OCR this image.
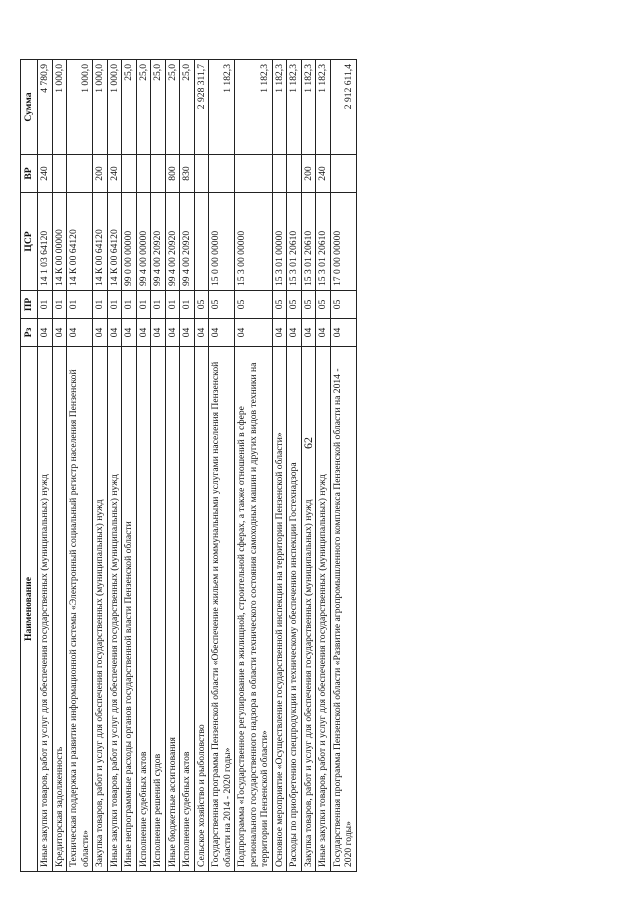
62
Наименование	Рз	ПР	ЦСР	ВР	Сумма
Иные закупки товаров, работ и услуг для обеспечения государственных (муниципальных) нужд	04	01	14 1 03 64120	240	4 780,9
Кредиторская задолженность	04	01	14 К 00 00000		1 000,0
Техническая поддержка и развитие информационной системы «Электронный социальный регистр населения Пензенской области»	04	01	14 К 00 64120		1 000,0
Закупка товаров, работ и услуг для обеспечения государственных (муниципальных) нужд	04	01	14 К 00 64120	200	1 000,0
Иные закупки товаров, работ и услуг для обеспечения государственных (муниципальных) нужд	04	01	14 К 00 64120	240	1 000,0
Иные непрограммные расходы органов государственной власти Пензенской области	04	01	99 0 00 00000		25,0
Исполнение судебных актов	04	01	99 4 00 00000		25,0
Исполнение решений судов	04	01	99 4 00 20920		25,0
Иные бюджетные ассигнования	04	01	99 4 00 20920	800	25,0
Исполнение судебных актов	04	01	99 4 00 20920	830	25,0
Сельское хозяйство и рыболовство	04	05			2 928 311,7
Государственная программа Пензенской области «Обеспечение жильем и коммунальными услугами населения Пензенской области на 2014 - 2020 годы»	04	05	15 0 00 00000		1 182,3
Подпрограмма «Государственное регулирование в жилищной, строительной сферах, а также отношений в сфере регионального государственного надзора в области технического состояния самоходных машин и других видов техники на территории Пензенской области»	04	05	15 3 00 00000		1 182,3
Основное мероприятие «Осуществление государственной инспекции на территории Пензенской области»	04	05	15 3 01 00000		1 182,3
Расходы по приобретению спецпродукции и техническому обеспечению инспекции Гостехнадзора	04	05	15 3 01 20610		1 182,3
Закупка товаров, работ и услуг для обеспечения государственных (муниципальных) нужд	04	05	15 3 01 20610	200	1 182,3
Иные закупки товаров, работ и услуг для обеспечения государственных (муниципальных) нужд	04	05	15 3 01 20610	240	1 182,3
Государственная программа Пензенской области «Развитие агропромышленного комплекса Пензенской области на 2014 - 2020 годы»	04	05	17 0 00 00000		2 912 611,4
